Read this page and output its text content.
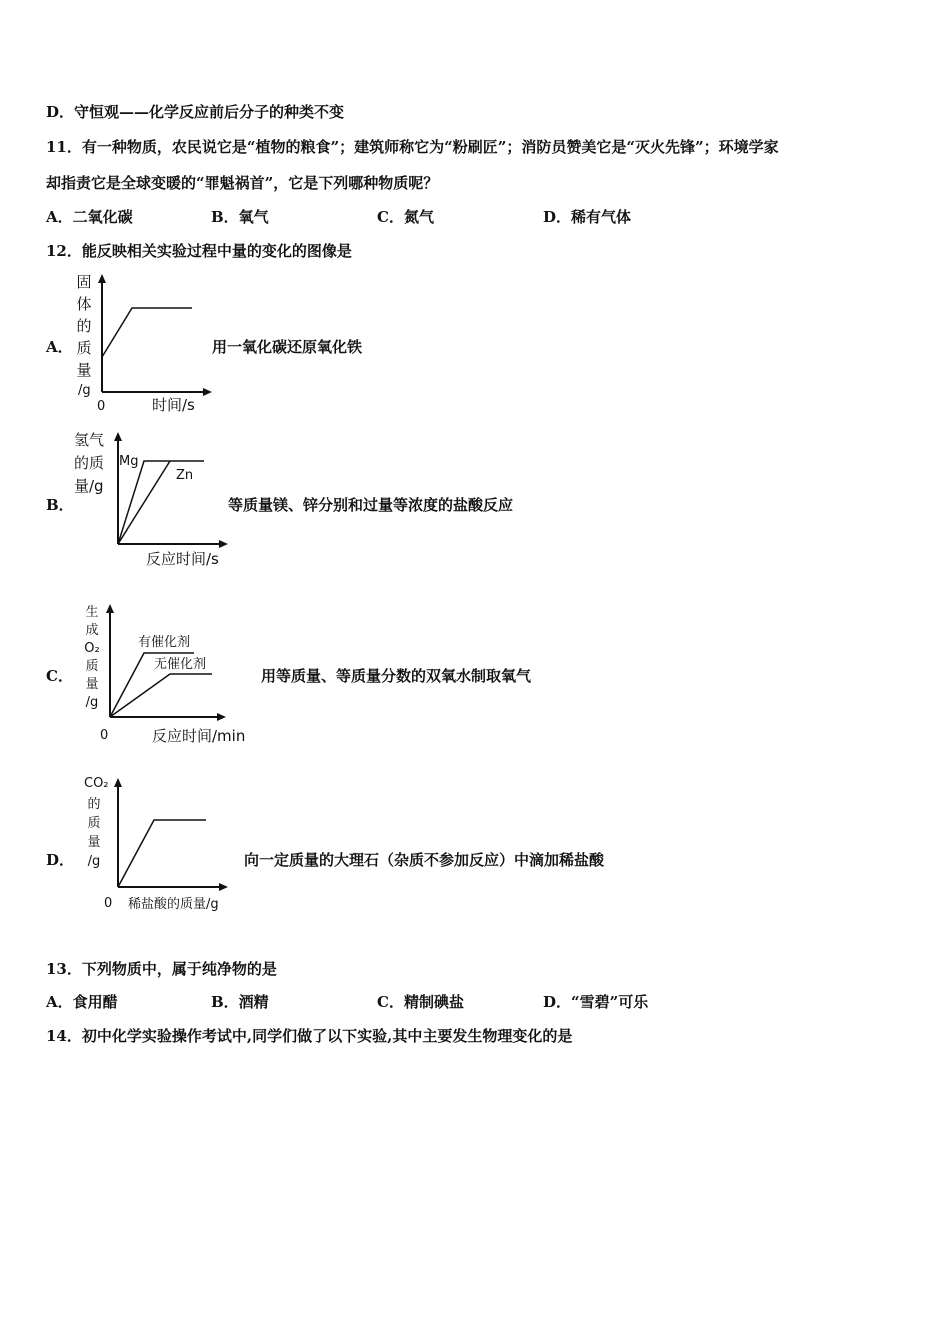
D．守恒观——化学反应前后分子的种类不变
11．有一种物质，农民说它是“植物的粮食”；建筑师称它为“粉刷匠”；消防员赞美它是“灭火先锋”；环境学家
却指责它是全球变暖的“罪魁祸首”，它是下列哪种物质呢？
A．二氧化碳	B．氧气	C．氮气	D．稀有气体
12．能反映相关实验过程中量的变化的图像是
A．
固
体
的
质
量
/g
0	时间/s
用一氧化碳还原氧化铁
B．
氢气
的质
量/g
反应时间/s
Mg
Zn
等质量镁、锌分别和过量等浓度的盐酸反应
C．
生
成
O₂
质
量
/g
0	反应时间/min
有催化剂
无催化剂
用等质量、等质量分数的双氧水制取氧气
D．
CO₂
的
质
量
/g
0 稀盐酸的质量/g
向一定质量的大理石（杂质不参加反应）中滴加稀盐酸
13．下列物质中，属于纯净物的是
A．食用醋	B．酒精	C．精制碘盐	D．“雪碧”可乐
14．初中化学实验操作考试中,同学们做了以下实验,其中主要发生物理变化的是
